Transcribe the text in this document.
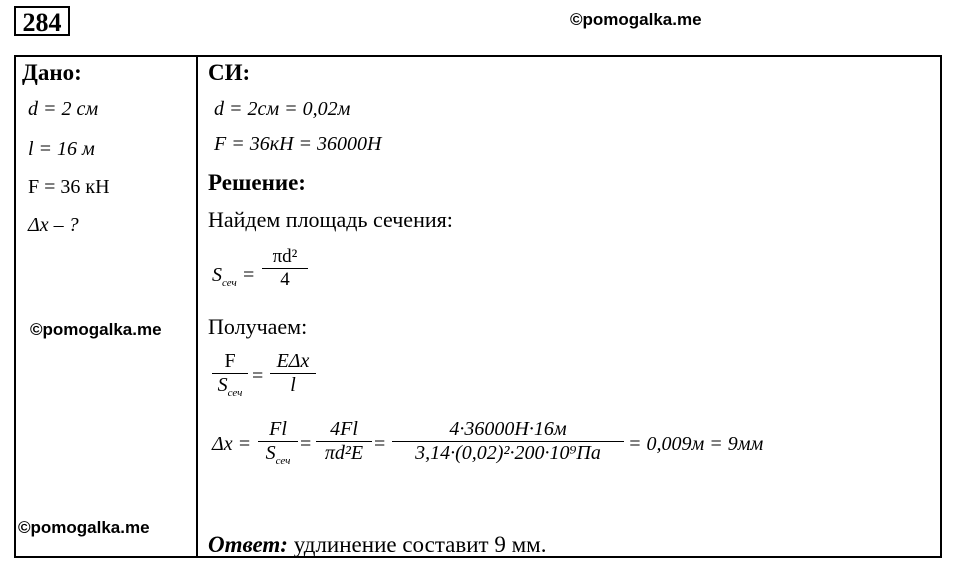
284	©pomogalka.me
Дано:
d = 2 см
l = 16 м
F = 36 кН
Δx – ?
©pomogalka.me
©pomogalka.me
СИ:
d = 2см = 0,02м
F = 36кН = 36000Н
Решение:
Найдем площадь сечения:
$S_{сеч}$ =
πd²
4
Получаем:
F
$S_{сеч}$
=
EΔx
l
Δx =
Fl
$S_{сеч}$
=
4Fl
πd²E =
4·36000Н·16м
3,14·(0,02)²·200·10⁹Па	= 0,009м = 9мм
Ответ: удлинение составит 9 мм.
